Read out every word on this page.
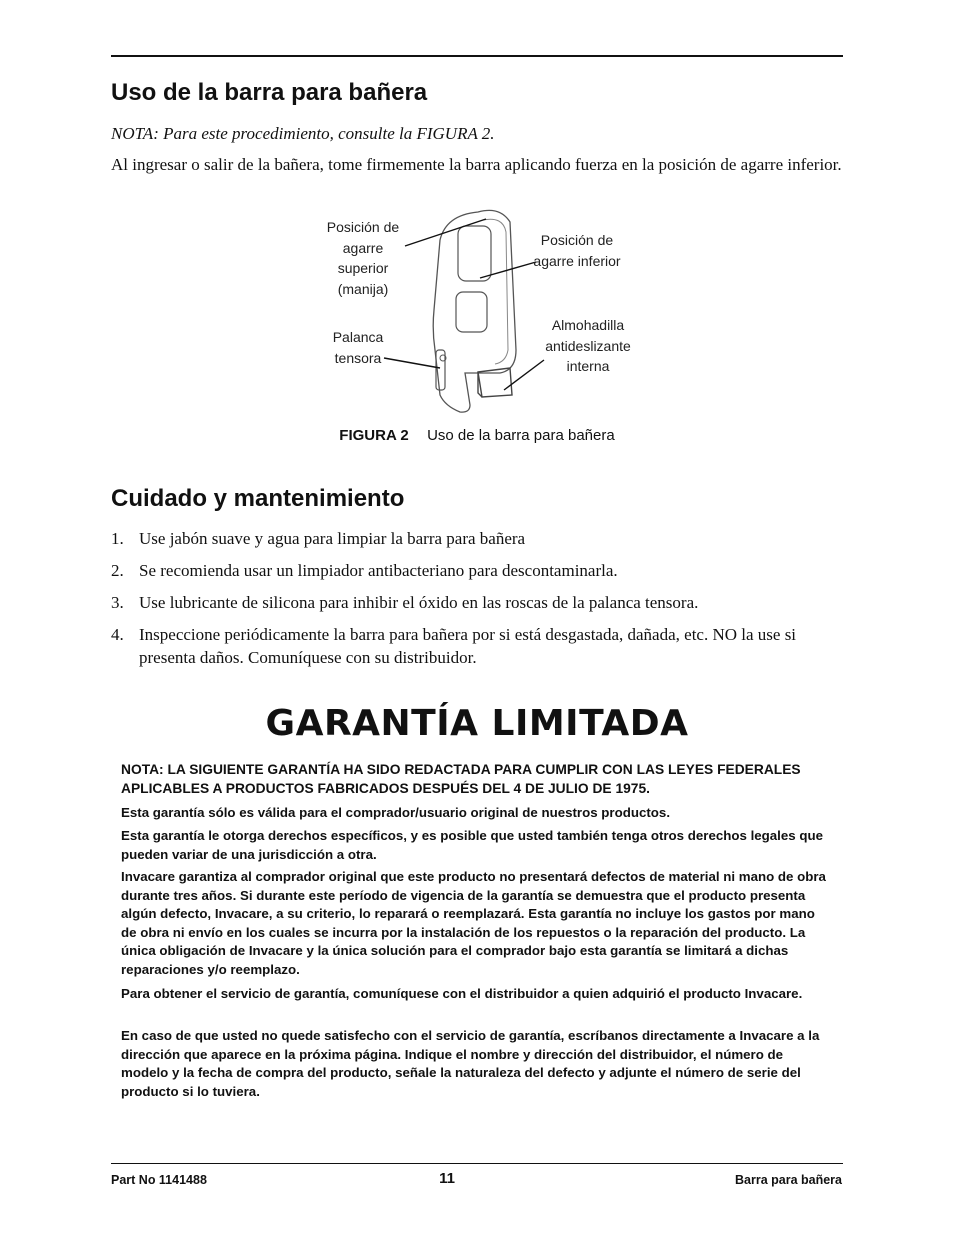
Uso de la barra para bañera
NOTA: Para este procedimiento, consulte la FIGURA 2.
Al ingresar o salir de la bañera, tome firmemente la barra aplicando fuerza en la posición de agarre inferior.
Posición de agarre superior (manija)
Posición de agarre inferior
Palanca tensora
Almohadilla antideslizante interna
FIGURA 2 Uso de la barra para bañera
Cuidado y mantenimiento
1. Use jabón suave y agua para limpiar la barra para bañera
2. Se recomienda usar un limpiador antibacteriano para descontaminarla.
3. Use lubricante de silicona para inhibir el óxido en las roscas de la palanca tensora.
4. Inspeccione periódicamente la barra para bañera por si está desgastada, dañada, etc. NO la use si presenta daños. Comuníquese con su distribuidor.
GARANTÍA LIMITADA

NOTA: LA SIGUIENTE GARANTÍA HA SIDO REDACTADA PARA CUMPLIR CON LAS LEYES FEDERALES APLICABLES A PRODUCTOS FABRICADOS DESPUÉS DEL 4 DE JULIO DE 1975.

Esta garantía sólo es válida para el comprador/usuario original de nuestros productos.

Esta garantía le otorga derechos específicos, y es posible que usted también tenga otros derechos legales que pueden variar de una jurisdicción a otra.

Invacare garantiza al comprador original que este producto no presentará defectos de material ni mano de obra durante tres años. Si durante este período de vigencia de la garantía se demuestra que el producto presenta algún defecto, Invacare, a su criterio, lo reparará o reemplazará. Esta garantía no incluye los gastos por mano de obra ni envío en los cuales se incurra por la instalación de los repuestos o la reparación del producto. La única obligación de Invacare y la única solución para el comprador bajo esta garantía se limitará a dichas reparaciones y/o reemplazo.

Para obtener el servicio de garantía, comuníquese con el distribuidor a quien adquirió el producto Invacare.

En caso de que usted no quede satisfecho con el servicio de garantía, escríbanos directamente a Invacare a la dirección que aparece en la próxima página. Indique el nombre y dirección del distribuidor, el número de modelo y la fecha de compra del producto, señale la naturaleza del defecto y adjunte el número de serie del producto si lo tuviera.

Part No 1141488	11	Barra para bañera
